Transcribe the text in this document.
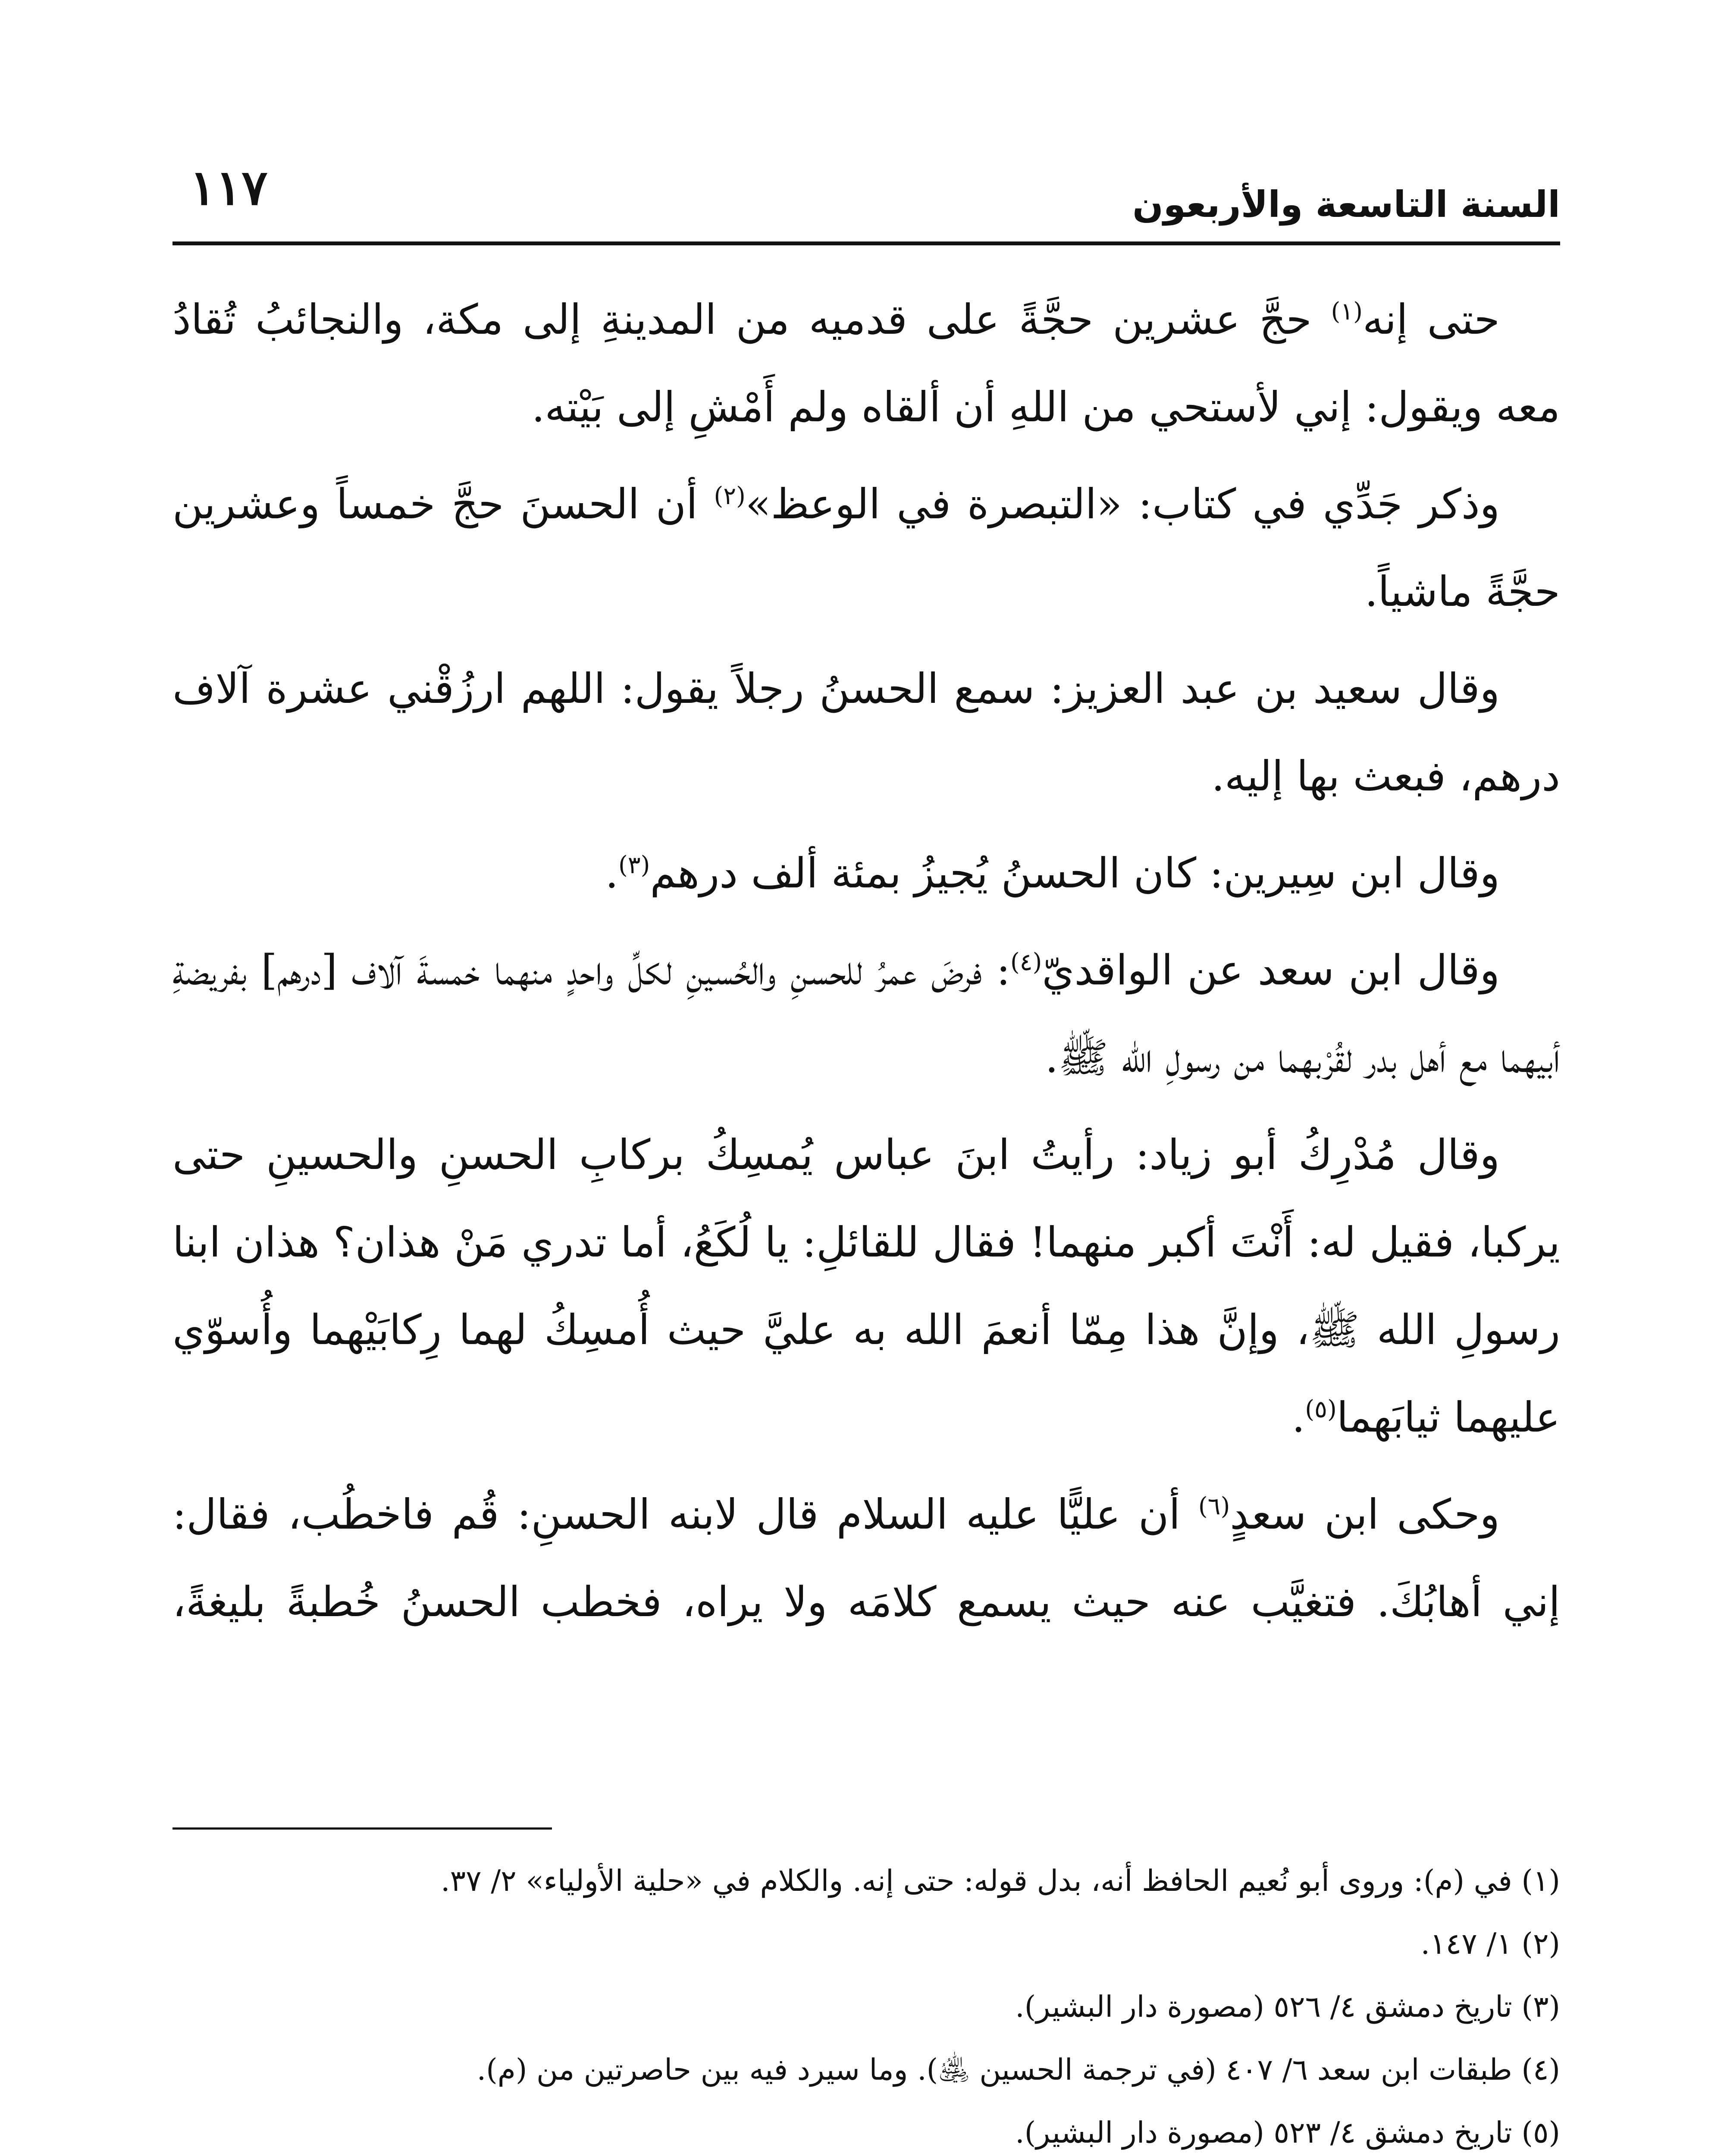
السنة التاسعة والأربعون
١١٧

حتى إنه$^{(١)}$ حجَّ عشرين حجَّةً على قدميه من المدينةِ إلى مكة، والنجائبُ تُقادُ معه ويقول: إني لأستحي من اللهِ أن ألقاه ولم أَمْشِ إلى بَيْته.

وذكر جَدِّي في كتاب: «التبصرة في الوعظ»$^{(٢)}$ أن الحسنَ حجَّ خمساً وعشرين حجَّةً ماشياً.

وقال سعيد بن عبد العزيز: سمع الحسنُ رجلاً يقول: اللهم ارزُقْني عشرة آلاف درهم، فبعث بها إليه.

وقال ابن سِيرين: كان الحسنُ يُجيزُ بمئة ألف درهم$^{(٣)}$.

وقال ابن سعد عن الواقديّ$^{(٤)}$: فرضَ عمرُ للحسنِ والحُسينِ لكلِّ واحدٍ منهما خمسةَ آلاف [درهم] بفريضةِ أبيهما مع أهل بدر لقُرْبهما من رسولِ الله ﷺ.

وقال مُدْرِكُ أبو زياد: رأيتُ ابنَ عباس يُمسِكُ بركابِ الحسنِ والحسينِ حتى يركبا، فقيل له: أَنْتَ أكبر منهما! فقال للقائلِ: يا لُكَعُ، أما تدري مَنْ هذان؟ هذان ابنا رسولِ الله ﷺ، وإنَّ هذا مِمّا أنعمَ الله به عليَّ حيث أُمسِكُ لهما رِكابَيْهما وأُسوّي عليهما ثيابَهما$^{(٥)}$.

وحكى ابن سعدٍ$^{(٦)}$ أن عليًّا عليه السلام قال لابنه الحسنِ: قُم فاخطُب، فقال: إني أهابُكَ. فتغيَّب عنه حيث يسمع كلامَه ولا يراه، فخطب الحسنُ خُطبةً بليغةً،

(١) في (م): وروى أبو نُعيم الحافظ أنه، بدل قوله: حتى إنه. والكلام في «حلية الأولياء» ٢/ ٣٧.

(٢) ١/ ١٤٧.

(٣) تاريخ دمشق ٤/ ٥٢٦ (مصورة دار البشير).

(٤) طبقات ابن سعد ٦/ ٤٠٧ (في ترجمة الحسين ﵁). وما سيرد فيه بين حاصرتين من (م).

(٥) تاريخ دمشق ٤/ ٥٢٣ (مصورة دار البشير).
